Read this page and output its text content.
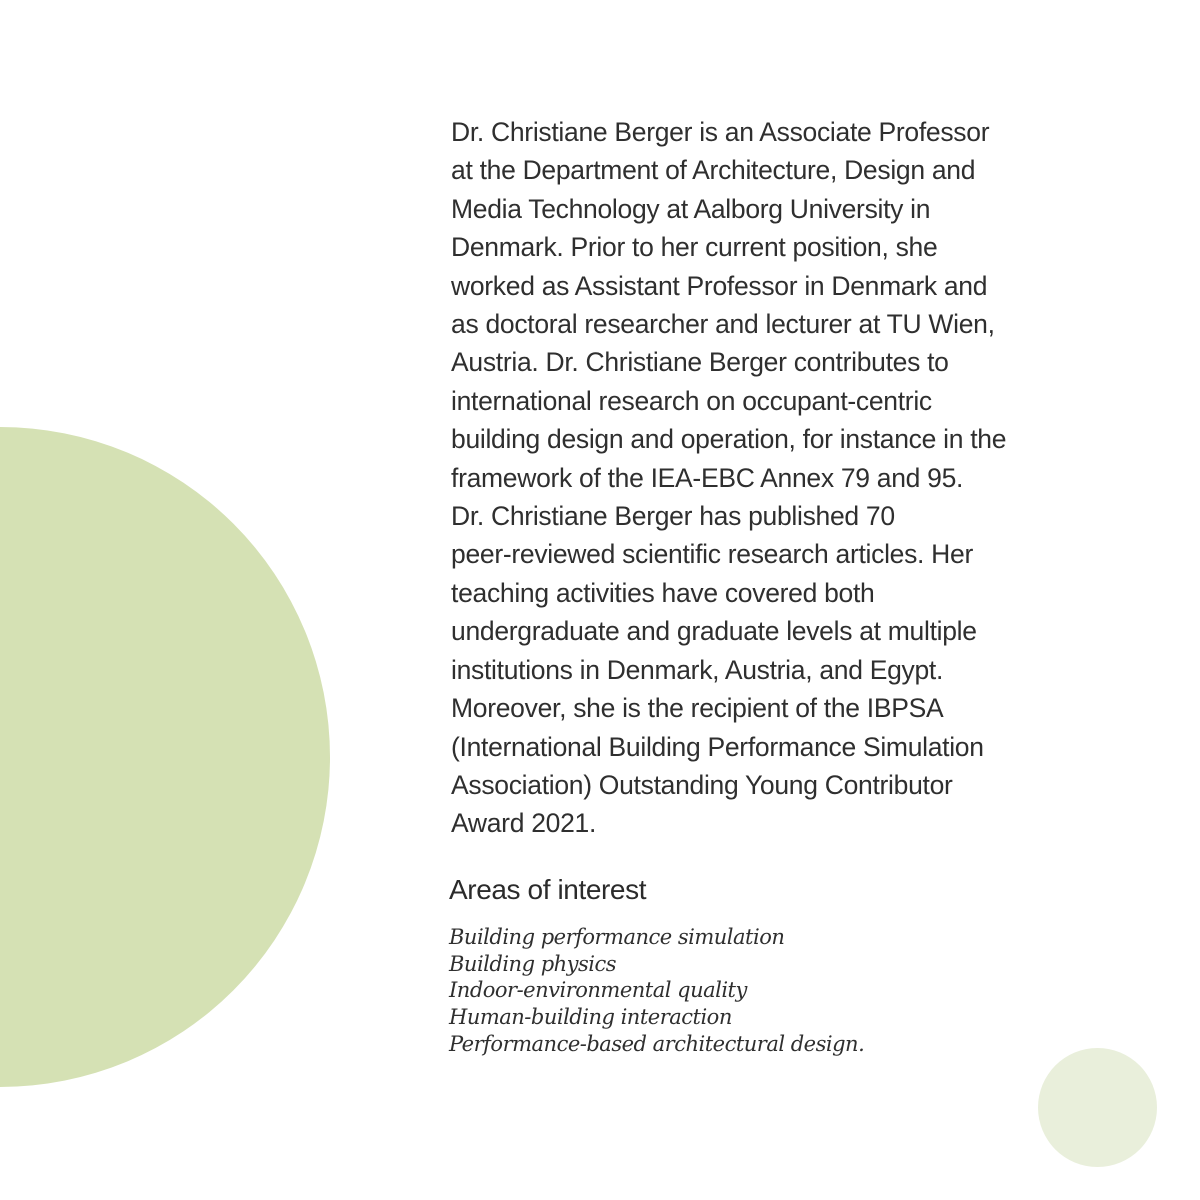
Dr. Christiane Berger is an Associate Professor
at the Department of Architecture, Design and
Media Technology at Aalborg University in
Denmark. Prior to her current position, she
worked as Assistant Professor in Denmark and
as doctoral researcher and lecturer at TU Wien,
Austria. Dr. Christiane Berger contributes to
international research on occupant-centric
building design and operation, for instance in the
framework of the IEA-EBC Annex 79 and 95.
Dr. Christiane Berger has published 70
peer-reviewed scientific research articles. Her
teaching activities have covered both
undergraduate and graduate levels at multiple
institutions in Denmark, Austria, and Egypt.
Moreover, she is the recipient of the IBPSA
(International Building Performance Simulation
Association) Outstanding Young Contributor
Award 2021.

Areas of interest
Building performance simulation
Building physics
Indoor-environmental quality
Human-building interaction
Performance-based architectural design.
